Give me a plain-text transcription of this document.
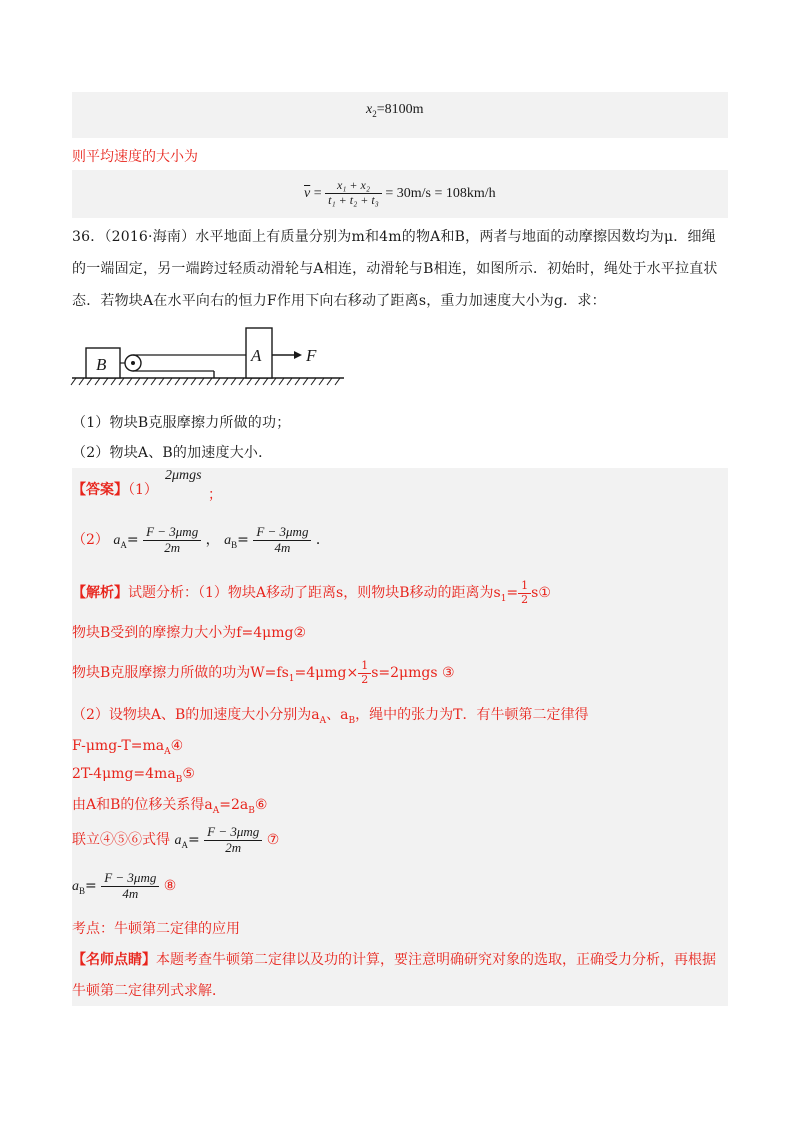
$x_2=8100m$
则平均速度的大小为
$\overline{v} = \frac{\text{x₁ + x₂}}{\text{t₁ + t₂ + t₃}} = 30m/s = 108km/h$
36．（2016·海南）水平地面上有质量分别为m和4m的物A和B，两者与地面的动摩擦因数均为μ．细绳
的一端固定，另一端跨过轻质动滑轮与A相连，动滑轮与B相连，如图所示．初始时，绳处于水平拉直状
态．若物块A在水平向右的恒力F作用下向右移动了距离s，重力加速度大小为g．求：
B	A	F
（1）物块B克服摩擦力所做的功；
（2）物块A、B的加速度大小．
【答案】（1）
2μmgs
；
（2） $a_A= \frac{\text{F − 3μmg}}{2m}$ ， $a_B= \frac{\text{F − 3μmg}}{4m}$ ．
【解析】试题分析：（1）物块A移动了距离s，则物块B移动的距离为$s_1= \frac{1}{2}$ s①
物块B受到的摩擦力大小为f=4μmg②
物块B克服摩擦力所做的功为$W=fs_1=4\mu mg\times \frac{1}{2} s=2\mu mgs$ ③
（2）设物块A、B的加速度大小分别为$a_A$、$a_B$，绳中的张力为T．有牛顿第二定律得
$F-\mu mg-T=ma_A④$
$2T-4\mu mg=4ma_B⑤$
由A和B的位移关系得$a_A=2a_B⑥$
联立④⑤⑥式得 $a_A= \frac{\text{F − 3μmg}}{2m}$ ⑦
$a_B= \frac{\text{F − 3μmg}}{4m}$ ⑧
考点：牛顿第二定律的应用
【名师点睛】本题考查牛顿第二定律以及功的计算，要注意明确研究对象的选取，正确受力分析，再根据
牛顿第二定律列式求解．
